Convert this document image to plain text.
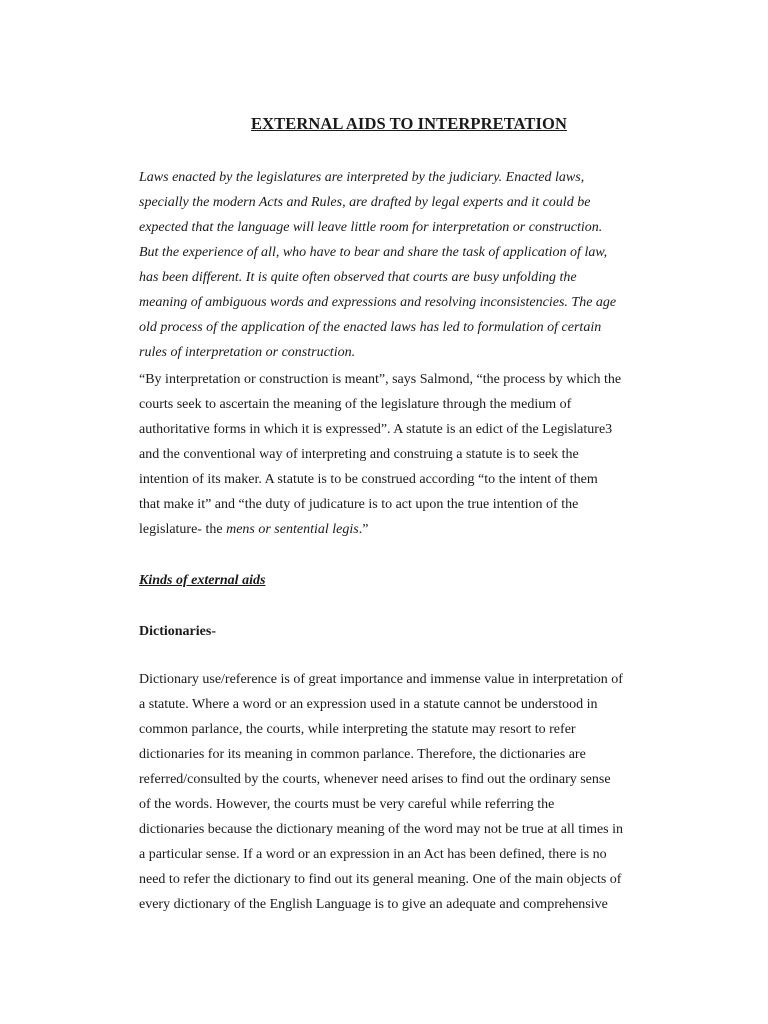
EXTERNAL AIDS TO INTERPRETATION
Laws enacted by the legislatures are interpreted by the judiciary. Enacted laws,
specially the modern Acts and Rules, are drafted by legal experts and it could be
expected that the language will leave little room for interpretation or construction.
But the experience of all, who have to bear and share the task of application of law,
has been different. It is quite often observed that courts are busy unfolding the
meaning of ambiguous words and expressions and resolving inconsistencies. The age
old process of the application of the enacted laws has led to formulation of certain
rules of interpretation or construction.
“By interpretation or construction is meant”, says Salmond, “the process by which the
courts seek to ascertain the meaning of the legislature through the medium of
authoritative forms in which it is expressed”. A statute is an edict of the Legislature3
and the conventional way of interpreting and construing a statute is to seek the
intention of its maker. A statute is to be construed according “to the intent of them
that make it” and “the duty of judicature is to act upon the true intention of the
legislature- the mens or sentential legis.”
Kinds of external aids
Dictionaries-
Dictionary use/reference is of great importance and immense value in interpretation of
a statute. Where a word or an expression used in a statute cannot be understood in
common parlance, the courts, while interpreting the statute may resort to refer
dictionaries for its meaning in common parlance. Therefore, the dictionaries are
referred/consulted by the courts, whenever need arises to find out the ordinary sense
of the words. However, the courts must be very careful while referring the
dictionaries because the dictionary meaning of the word may not be true at all times in
a particular sense. If a word or an expression in an Act has been defined, there is no
need to refer the dictionary to find out its general meaning. One of the main objects of
every dictionary of the English Language is to give an adequate and comprehensive
